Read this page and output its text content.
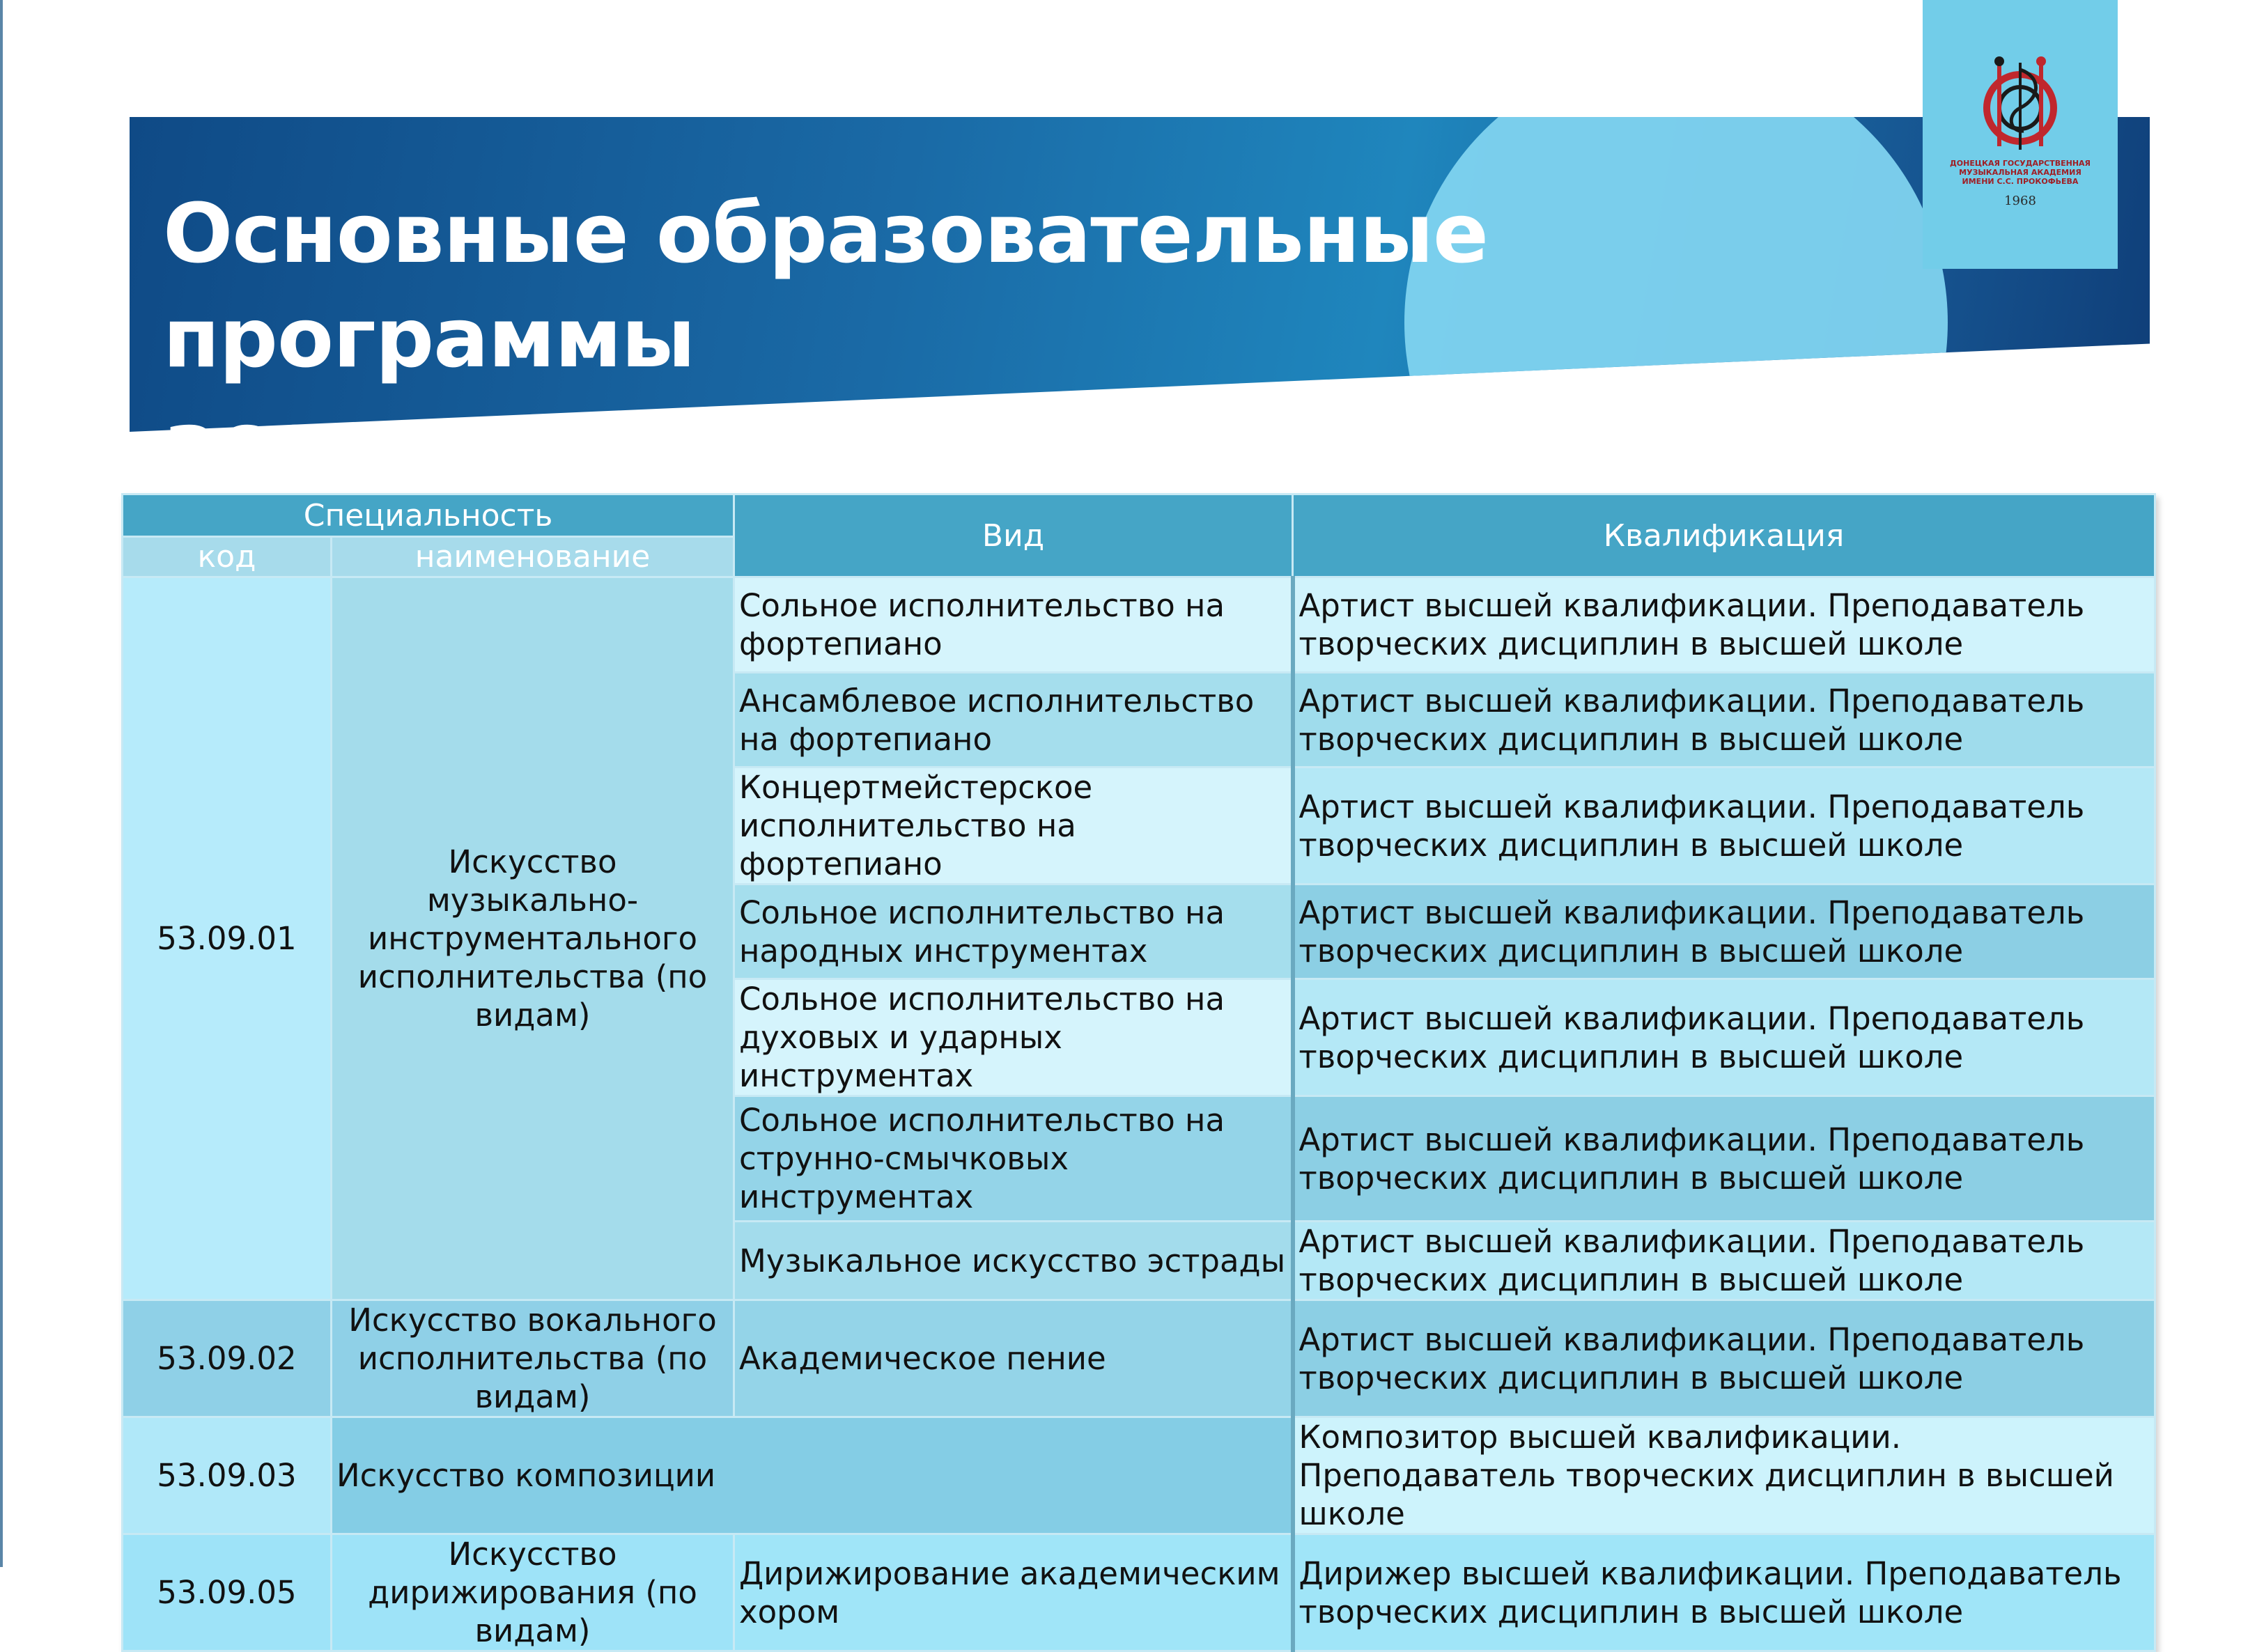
Основные образовательные программы
ассистентуры-стажировки
ДОНЕЦКАЯ ГОСУДАРСТВЕННАЯ
МУЗЫКАЛЬНАЯ АКАДЕМИЯ
ИМЕНИ С.С. ПРОКОФЬЕВА
1968
Специальность		Вид	Квалификация
код	наименование		
53.09.01	Искусство музыкально-инструментального исполнительства (по видам)	Сольное исполнительство на фортепиано	Артист высшей квалификации. Преподаватель творческих дисциплин в высшей школе
		Ансамблевое исполнительство на фортепиано	Артист высшей квалификации. Преподаватель творческих дисциплин в высшей школе
		Концертмейстерское исполнительство на фортепиано	Артист высшей квалификации. Преподаватель творческих дисциплин в высшей школе
		Сольное исполнительство на народных инструментах	Артист высшей квалификации. Преподаватель творческих дисциплин в высшей школе
		Сольное исполнительство на духовых и ударных инструментах	Артист высшей квалификации. Преподаватель творческих дисциплин в высшей школе
		Сольное исполнительство на струнно-смычковых инструментах	Артист высшей квалификации. Преподаватель творческих дисциплин в высшей школе
		Музыкальное искусство эстрады	Артист высшей квалификации. Преподаватель творческих дисциплин в высшей школе
53.09.02	Искусство вокального исполнительства (по видам)	Академическое пение	Артист высшей квалификации. Преподаватель творческих дисциплин в высшей школе
53.09.03	Искусство композиции		Композитор высшей квалификации. Преподаватель творческих дисциплин в высшей школе
53.09.05	Искусство дирижирования (по видам)	Дирижирование академическим хором	Дирижер высшей квалификации. Преподаватель творческих дисциплин в высшей школе
